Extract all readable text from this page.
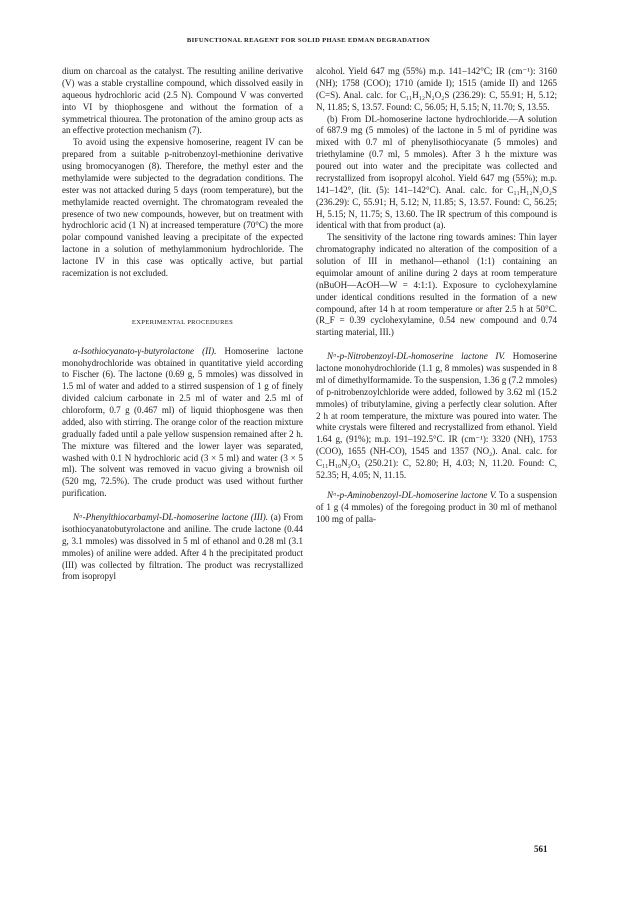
BIFUNCTIONAL REAGENT FOR SOLID PHASE EDMAN DEGRADATION

dium on charcoal as the catalyst. The resulting aniline derivative (V) was a stable crystalline compound, which dissolved easily in aqueous hydrochloric acid (2.5 N). Compound V was converted into VI by thiophosgene and without the formation of a symmetrical thiourea. The protonation of the amino group acts as an effective protection mechanism (7).

To avoid using the expensive homoserine, reagent IV can be prepared from a suitable p-nitrobenzoyl-methionine derivative using bromocyanogen (8). Therefore, the methyl ester and the methylamide were subjected to the degradation conditions. The ester was not attacked during 5 days (room temperature), but the methylamide reacted overnight. The chromatogram revealed the presence of two new compounds, however, but on treatment with hydrochloric acid (1 N) at increased temperature (70°C) the more polar compound vanished leaving a precipitate of the expected lactone in a solution of methylammonium hydrochloride. The lactone IV in this case was optically active, but partial racemization is not excluded.

EXPERIMENTAL PROCEDURES

α-Isothiocyanato-γ-butyrolactone (II). Homoserine lactone monohydrochloride was obtained in quantitative yield according to Fischer (6). The lactone (0.69 g, 5 mmoles) was dissolved in 1.5 ml of water and added to a stirred suspension of 1 g of finely divided calcium carbonate in 2.5 ml of water and 2.5 ml of chloroform, 0.7 g (0.467 ml) of liquid thiophosgene was then added, also with stirring. The orange color of the reaction mixture gradually faded until a pale yellow suspension remained after 2 h. The mixture was filtered and the lower layer was separated, washed with 0.1 N hydrochloric acid (3 × 5 ml) and water (3 × 5 ml). The solvent was removed in vacuo giving a brownish oil (520 mg, 72.5%). The crude product was used without further purification.

Nᵅ-Phenylthiocarbamyl-DL-homoserine lactone (III). (a) From isothiocyanatobutyrolactone and aniline. The crude lactone (0.44 g, 3.1 mmoles) was dissolved in 5 ml of ethanol and 0.28 ml (3.1 mmoles) of aniline were added. After 4 h the precipitated product (III) was collected by filtration. The product was recrystallized from isopropyl

alcohol. Yield 647 mg (55%) m.p. 141–142°C; IR (cm⁻¹): 3160 (NH); 1758 (COO); 1710 (amide I); 1515 (amide II) and 1265 (C=S). Anal. calc. for C₁₁H₁₂N₂O₂S (236.29): C, 55.91; H, 5.12; N, 11.85; S, 13.57. Found: C, 56.05; H, 5.15; N, 11.70; S, 13.55.

(b) From DL-homoserine lactone hydrochloride.—A solution of 687.9 mg (5 mmoles) of the lactone in 5 ml of pyridine was mixed with 0.7 ml of phenylisothiocyanate (5 mmoles) and triethylamine (0.7 ml, 5 mmoles). After 3 h the mixture was poured out into water and the precipitate was collected and recrystallized from isopropyl alcohol. Yield 647 mg (55%); m.p. 141–142°, (lit. (5): 141–142°C). Anal. calc. for C₁₁H₁₂N₂O₂S (236.29): C, 55.91; H, 5.12; N, 11.85; S, 13.57. Found: C, 56.25; H, 5.15; N, 11.75; S, 13.60. The IR spectrum of this compound is identical with that from product (a).

The sensitivity of the lactone ring towards amines: Thin layer chromatography indicated no alteration of the composition of a solution of III in methanol—ethanol (1:1) containing an equimolar amount of aniline during 2 days at room temperature (nBuOH—AcOH—W = 4:1:1). Exposure to cyclohexylamine under identical conditions resulted in the formation of a new compound, after 14 h at room temperature or after 2.5 h at 50°C. (R_F = 0.39 cyclohexylamine, 0.54 new compound and 0.74 starting material, III.)

Nᵅ-p-Nitrobenzoyl-DL-homoserine lactone IV. Homoserine lactone monohydrochloride (1.1 g, 8 mmoles) was suspended in 8 ml of dimethylformamide. To the suspension, 1.36 g (7.2 mmoles) of p-nitrobenzoylchloride were added, followed by 3.62 ml (15.2 mmoles) of tributylamine, giving a perfectly clear solution. After 2 h at room temperature, the mixture was poured into water. The white crystals were filtered and recrystallized from ethanol. Yield 1.64 g, (91%); m.p. 191–192.5°C. IR (cm⁻¹): 3320 (NH), 1753 (COO), 1655 (NH-CO), 1545 and 1357 (NO₂). Anal. calc. for C₁₁H₁₀N₂O₅ (250.21): C, 52.80; H, 4.03; N, 11.20. Found: C, 52.35; H, 4.05; N, 11.15.

Nᵅ-p-Aminobenzoyl-DL-homoserine lactone V. To a suspension of 1 g (4 mmoles) of the foregoing product in 30 ml of methanol 100 mg of palla-

561
